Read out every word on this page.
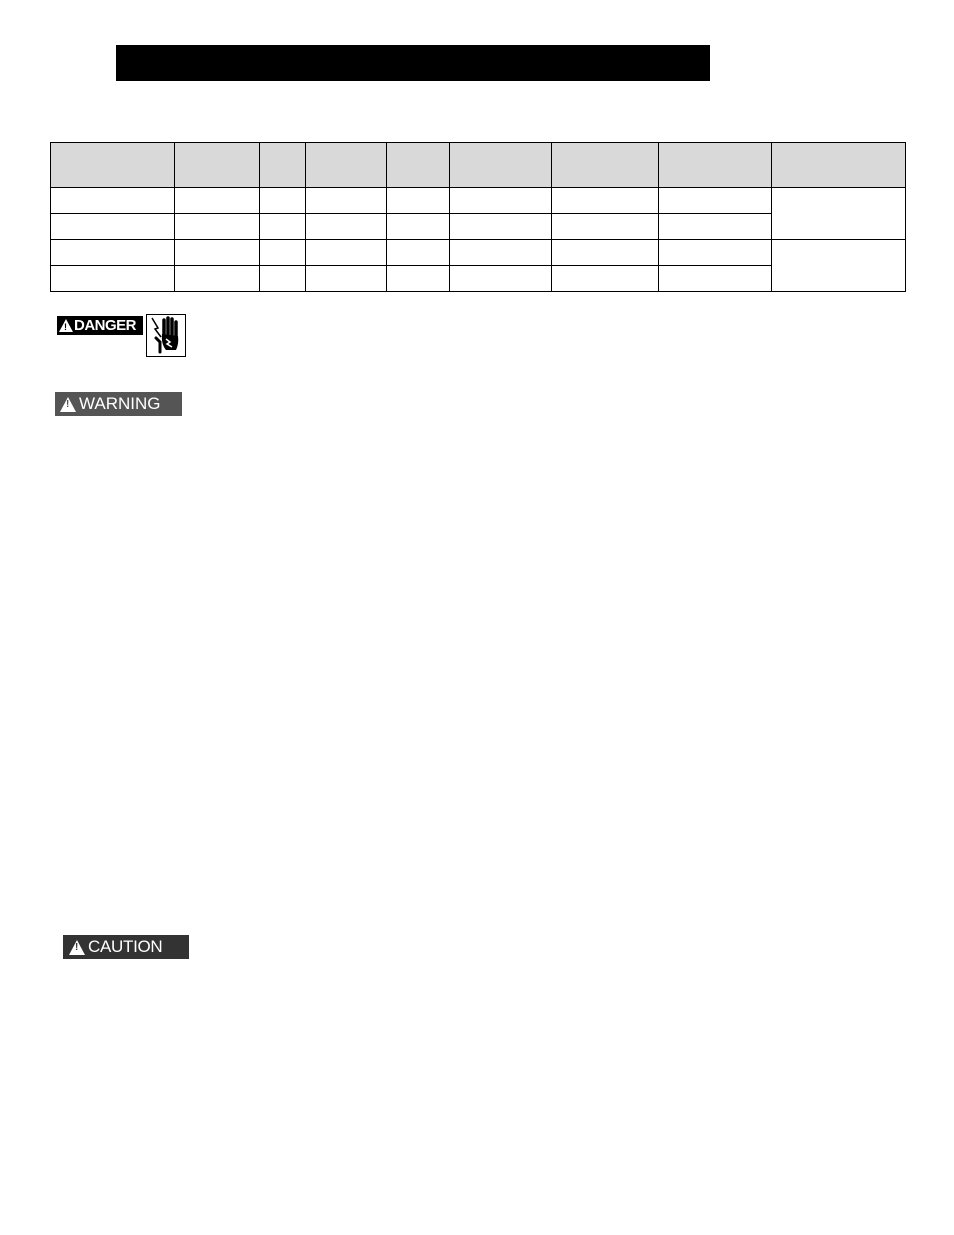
!
DANGER
!
WARNING
!
CAUTION
